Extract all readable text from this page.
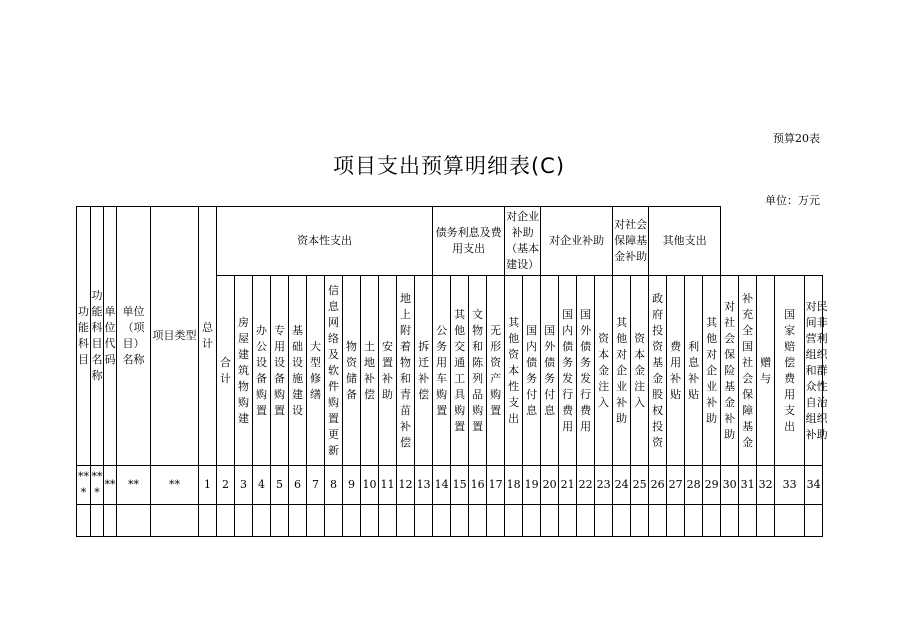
预算20表
项目支出预算明细表(C)
单位：万元
功能科目	功能科目名称	单位代码	单位（项目）名称	项目类型	总计	资本性支出												债务利息及费用支出				对企业补助（基本建设）		对企业补助				对社会保障基金补助		其他支出									
						合计	房屋建筑物购建	办公设备购置	专用设备购置	基础设施建设	大型修缮	信息网络及软件购置更新	物资储备	土地补偿	安置补助	地上附着物和青苗补偿	拆迁补偿	公务用车购置	其他交通工具购置	文物和陈列品购置	无形资产购置	其他资本性支出	国内债务付息	国外债务付息	国内债务发行费用	国外债务发行费用	资本金注入	其他对企业补助	资本金注入	政府投资基金股权投资	费用补贴	利息补贴	其他对企业补助	对社会保险基金补助	补充全国社会保障基金	赠与	国家赔偿费用支出	对民间非营利组织和群众性自治组织补助	
***	***	**	**	**	1	2	3	4	5	6	7	8	9	10	11	12	13	14	15	16	17	18	19	20	21	22	23	24	25	26	27	28	29	30	31	32	33	34	
